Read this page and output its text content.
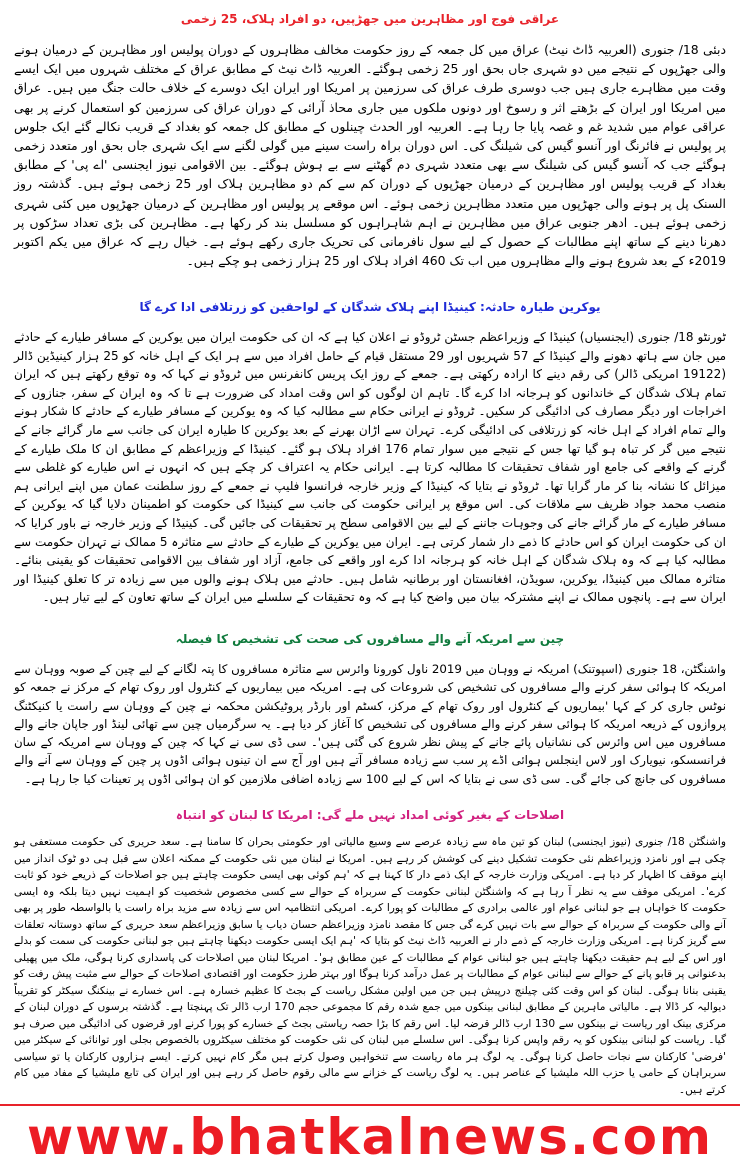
عراقی فوج اور مظاہرین میں جھڑپیں، دو افراد ہلاک، 25 زخمی

دبئی 18/ جنوری (العربیہ ڈاٹ نیٹ) عراق میں کل جمعہ کے روز حکومت مخالف مظاہروں کے دوران پولیس اور مظاہرین کے درمیان ہونے والی جھڑپوں کے نتیجے میں دو شہری جاں بحق اور 25 زخمی ہوگئے۔ العربیہ ڈاٹ نیٹ کے مطابق عراق کے مختلف شہروں میں ایک ایسے وقت میں مظاہرے جاری ہیں جب دوسری طرف عراق کی سرزمین پر امریکا اور ایران ایک دوسرے کے خلاف حالت جنگ میں ہیں۔ عراق میں امریکا اور ایران کے بڑھتے اثر و رسوخ اور دونوں ملکوں میں جاری محاذ آرائی کے دوران عراق کی سرزمین کو استعمال کرنے پر بھی عراقی عوام میں شدید غم و غصہ پایا جا رہا ہے۔ العربیہ اور الحدث چینلوں کے مطابق کل جمعہ کو بغداد کے قریب نکالے گئے ایک جلوس پر پولیس نے فائرنگ اور آنسو گیس کی شیلنگ کی۔ اس دوران براہ راست سینے میں گولی لگنے سے ایک شہری جاں بحق اور متعدد زخمی ہوگئے جب کہ آنسو گیس کی شیلنگ سے بھی متعدد شہری دم گھٹنے سے بے ہوش ہوگئے۔ بین الاقوامی نیوز ایجنسی 'اے پی' کے مطابق بغداد کے قریب پولیس اور مظاہرین کے درمیان جھڑپوں کے دوران کم سے کم دو مظاہرین ہلاک اور 25 زخمی ہوئے ہیں۔ گذشتہ روز السنک پل پر ہونے والی جھڑپوں میں متعدد مظاہرین زخمی ہوئے۔ اس موقعے پر پولیس اور مظاہرین کے درمیان جھڑپوں میں کئی شہری زخمی ہوئے ہیں۔ ادھر جنوبی عراق میں مظاہرین نے اہم شاہراہوں کو مسلسل بند کر رکھا ہے۔ مظاہرین کی بڑی تعداد سڑکوں پر دھرنا دینے کے ساتھ اپنے مطالبات کے حصول کے لیے سول نافرمانی کی تحریک جاری رکھے ہوئے ہے۔ خیال رہے کہ عراق میں یکم اکتوبر 2019ء کے بعد شروع ہونے والے مظاہروں میں اب تک 460 افراد ہلاک اور 25 ہزار زخمی ہو چکے ہیں۔

یوکرین طیارہ حادثہ: کینیڈا اپنے ہلاک شدگان کے لواحقین کو زرتلافی ادا کرے گا

ٹورنٹو 18/ جنوری (ایجنسیاں) کینیڈا کے وزیراعظم جسٹن ٹروڈو نے اعلان کیا ہے کہ ان کی حکومت ایران میں یوکرین کے مسافر طیارے کے حادثے میں جان سے ہاتھ دھونے والے کینیڈا کے 57 شہریوں اور 29 مستقل قیام کے حامل افراد میں سے ہر ایک کے اہل خانہ کو 25 ہزار کینیڈین ڈالر (19122 امریکی ڈالر) کی رقم دینے کا ارادہ رکھتی ہے۔ جمعے کے روز ایک پریس کانفرنس میں ٹروڈو نے کہا کہ وہ توقع رکھتے ہیں کہ ایران تمام ہلاک شدگان کے خاندانوں کو ہرجانہ ادا کرے گا۔ تاہم ان لوگوں کو اس وقت امداد کی ضرورت ہے تا کہ وہ ایران کے سفر، جنازوں کے اخراجات اور دیگر مصارف کی ادائیگی کر سکیں۔ ٹروڈو نے ایرانی حکام سے مطالبہ کیا کہ وہ یوکرین کے مسافر طیارے کے حادثے کا شکار ہونے والے تمام افراد کے اہل خانہ کو زرتلافی کی ادائیگی کرے۔ تہران سے اڑان بھرنے کے بعد یوکرین کا طیارہ ایران کی جانب سے مار گرائے جانے کے نتیجے میں گر کر تباہ ہو گیا تھا جس کے نتیجے میں سوار تمام 176 افراد ہلاک ہو گئے۔ کینیڈا کے وزیراعظم کے مطابق ان کا ملک طیارے کے گرنے کے واقعے کی جامع اور شفاف تحقیقات کا مطالبہ کرتا ہے۔ ایرانی حکام یہ اعتراف کر چکے ہیں کہ انہوں نے اس طیارے کو غلطی سے میزائل کا نشانہ بنا کر مار گرایا تھا۔ ٹروڈو نے بتایا کہ کینیڈا کے وزیر خارجہ فرانسوا فلیپ نے جمعے کے روز سلطنت عمان میں اپنے ایرانی ہم منصب محمد جواد ظریف سے ملاقات کی۔ اس موقع پر ایرانی حکومت کی جانب سے کینیڈا کی حکومت کو اطمینان دلایا گیا کہ یوکرین کے مسافر طیارے کے مار گرائے جانے کی وجوہات جاننے کے لیے بین الاقوامی سطح پر تحقیقات کی جائیں گی۔ کینیڈا کے وزیر خارجہ نے باور کرایا کہ ان کی حکومت ایران کو اس حادثے کا ذمے دار شمار کرتی ہے۔ ایران میں یوکرین کے طیارے کے حادثے سے متاثرہ 5 ممالک نے تہران حکومت سے مطالبہ کیا ہے کہ وہ ہلاک شدگان کے اہل خانہ کو ہرجانہ ادا کرے اور واقعے کی جامع، آزاد اور شفاف بین الاقوامی تحقیقات کو یقینی بنائے۔ متاثرہ ممالک میں کینیڈا، یوکرین، سویڈن، افغانستان اور برطانیہ شامل ہیں۔ حادثے میں ہلاک ہونے والوں میں سے زیادہ تر کا تعلق کینیڈا اور ایران سے ہے۔ پانچوں ممالک نے اپنے مشترکہ بیان میں واضح کیا ہے کہ وہ تحقیقات کے سلسلے میں ایران کے ساتھ تعاون کے لیے تیار ہیں۔

چین سے امریکہ آنے والے مسافروں کی صحت کی تشخیص کا فیصلہ

واشنگٹن، 18 جنوری (اسپوتنک) امریکہ نے ووہان میں 2019 ناول کورونا وائرس سے متاثرہ مسافروں کا پتہ لگانے کے لیے چین کے صوبہ ووہان سے امریکہ کا ہوائی سفر کرنے والے مسافروں کی تشخیص کی شروعات کی ہے۔ امریکہ میں بیماریوں کے کنٹرول اور روک تھام کے مرکز نے جمعہ کو نوٹس جاری کر کے کہا 'بیماریوں کے کنٹرول اور روک تھام کے مرکز، کسٹم اور بارڈر پروٹیکشن محکمہ نے چین کے ووہان سے راست یا کنیکٹنگ پروازوں کے ذریعہ امریکہ کا ہوائی سفر کرنے والے مسافروں کی تشخیص کا آغاز کر دیا ہے۔ یہ سرگرمیاں چین سے تھائی لینڈ اور جاپان جانے والے مسافروں میں اس وائرس کی نشانیاں پائے جانے کے پیش نظر شروع کی گئی ہیں'۔ سی ڈی سی نے کہا کہ چین کے ووہان سے امریکہ کے سان فرانسسکو، نیویارک اور لاس اینجلس ہوائی اڈے پر سب سے زیادہ مسافر آتے ہیں اور آج سے ان تینوں ہوائی اڈوں پر چین کے ووہان سے آنے والے مسافروں کی جانچ کی جائے گی۔ سی ڈی سی نے بتایا کہ اس کے لیے 100 سے زیادہ اضافی ملازمین کو ان ہوائی اڈوں پر تعینات کیا جا رہا ہے۔

اصلاحات کے بغیر کوئی امداد نہیں ملے گی: امریکا کا لبنان کو انتباہ

واشنگٹن 18/ جنوری (نیوز ایجنسی) لبنان کو تین ماہ سے زیادہ عرصے سے وسیع مالیاتی اور حکومتی بحران کا سامنا ہے۔ سعد حریری کی حکومت مستعفی ہو چکی ہے اور نامزد وزیراعظم نئی حکومت تشکیل دینے کی کوشش کر رہے ہیں۔ امریکا نے لبنان میں نئی حکومت کے ممکنہ اعلان سے قبل ہی دو ٹوک انداز میں اپنے موقف کا اظہار کر دیا ہے۔ امریکی وزارت خارجہ کے ایک ذمے دار کا کہنا ہے کہ 'ہم کوئی بھی ایسی حکومت چاہتے ہیں جو اصلاحات کے ذریعے خود کو ثابت کرے'۔ امریکی موقف سے یہ نظر آ رہا ہے کہ واشنگٹن لبنانی حکومت کے سربراہ کے حوالے سے کسی مخصوص شخصیت کو اہمیت نہیں دیتا بلکہ وہ ایسی حکومت کا خواہاں ہے جو لبنانی عوام اور عالمی برادری کے مطالبات کو پورا کرے۔ امریکی انتظامیہ اس سے زیادہ سے مزید براہ راست یا بالواسطہ طور پر بھی آنے والی حکومت کے سربراہ کے حوالے سے بات نہیں کرے گی جس کا مقصد نامزد وزیراعظم حسان دیاب یا سابق وزیراعظم سعد حریری کے ساتھ دوستانہ تعلقات سے گریز کرنا ہے۔ امریکی وزارت خارجہ کے ذمے دار نے العربیہ ڈاٹ نیٹ کو بتایا کہ 'ہم ایک ایسی حکومت دیکھنا چاہتے ہیں جو لبنانی حکومت کی سمت کو بدلے اور اس کے لیے ہم حقیقت دیکھنا چاہتے ہیں جو لبنانی عوام کے مطالبات کے عین مطابق ہو'۔ امریکا لبنان میں اصلاحات کی پاسداری کرنا ہوگی، ملک میں پھیلی بدعنوانی پر قابو پانے کے حوالے سے لبنانی عوام کے مطالبات پر عمل درآمد کرنا ہوگا اور بہتر طرز حکومت اور اقتصادی اصلاحات کے حوالے سے مثبت پیش رفت کو یقینی بنانا ہوگی۔ لبنان کو اس وقت کئی چیلنج درپیش ہیں جن میں اولین مشکل ریاست کے بجٹ کا عظیم خسارہ ہے۔ اس خسارے نے بینکنگ سیکٹر کو تقریباً دیوالیہ کر ڈالا ہے۔ مالیاتی ماہرین کے مطابق لبنانی بینکوں میں جمع شدہ رقم کا مجموعی حجم 170 ارب ڈالر تک پہنچتا ہے۔ گذشتہ برسوں کے دوران لبنان کے مرکزی بینک اور ریاست نے بینکوں سے 130 ارب ڈالر قرضہ لیا۔ اس رقم کا بڑا حصہ ریاستی بجٹ کے خسارے کو پورا کرنے اور قرضوں کی ادائیگی میں صرف ہو گیا۔ ریاست کو لبنانی بینکوں کو یہ رقم واپس کرنا ہوگی۔ اس سلسلے میں لبنان کی نئی حکومت کو مختلف سیکٹروں بالخصوص بجلی اور توانائی کے سیکٹر میں 'فرضی' کارکنان سے نجات حاصل کرنا ہوگی۔ یہ لوگ ہر ماہ ریاست سے تنخواہیں وصول کرتے ہیں مگر کام نہیں کرتے۔ ایسے ہزاروں کارکنان یا تو سیاسی سربراہان کے حامی یا حزب اللہ ملیشیا کے عناصر ہیں۔ یہ لوگ ریاست کے خزانے سے مالی رقوم حاصل کر رہے ہیں اور ایران کی تابع ملیشیا کے مفاد میں کام کرتے ہیں۔

www.bhatkalnews.com
